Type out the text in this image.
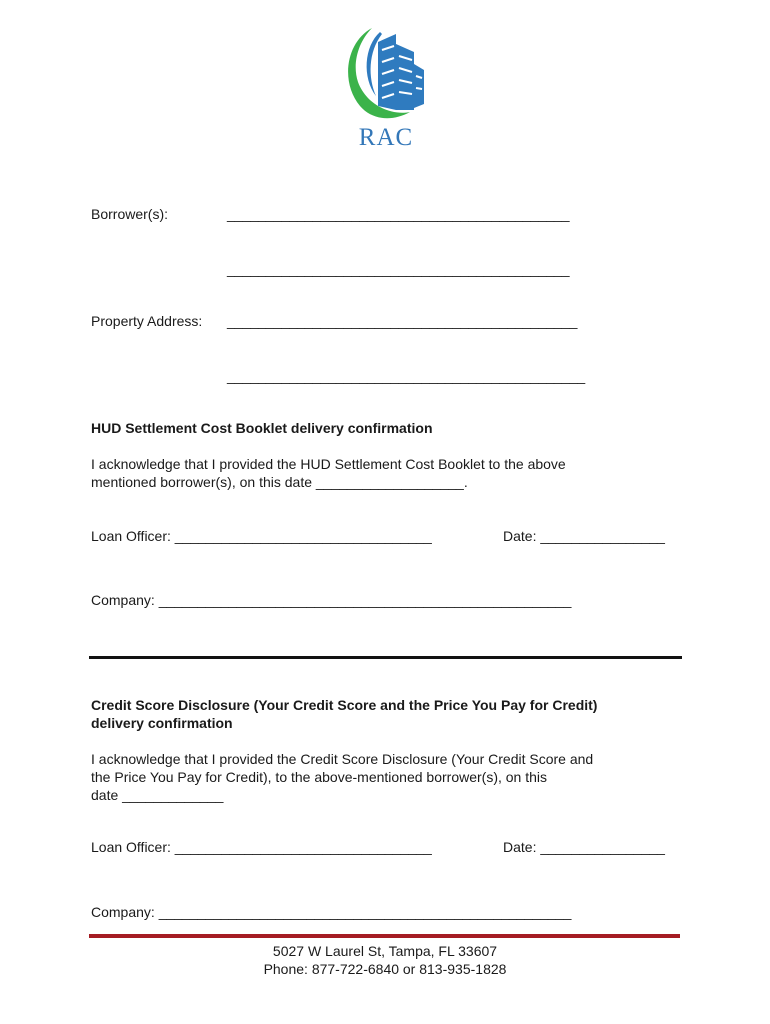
RAC
Borrower(s):	____________________________________________
____________________________________________
Property Address: _____________________________________________
______________________________________________
HUD Settlement Cost Booklet delivery confirmation
I acknowledge that I provided the HUD Settlement Cost Booklet to the above
mentioned borrower(s), on this date ___________________.
Loan Officer: _________________________________	Date: ________________
Company: _____________________________________________________
Credit Score Disclosure (Your Credit Score and the Price You Pay for Credit)
delivery confirmation
I acknowledge that I provided the Credit Score Disclosure (Your Credit Score and
the Price You Pay for Credit), to the above-mentioned borrower(s), on this
date _____________
Loan Officer: _________________________________	Date: ________________
Company: _____________________________________________________
5027 W Laurel St, Tampa, FL 33607
Phone: 877-722-6840 or 813-935-1828
